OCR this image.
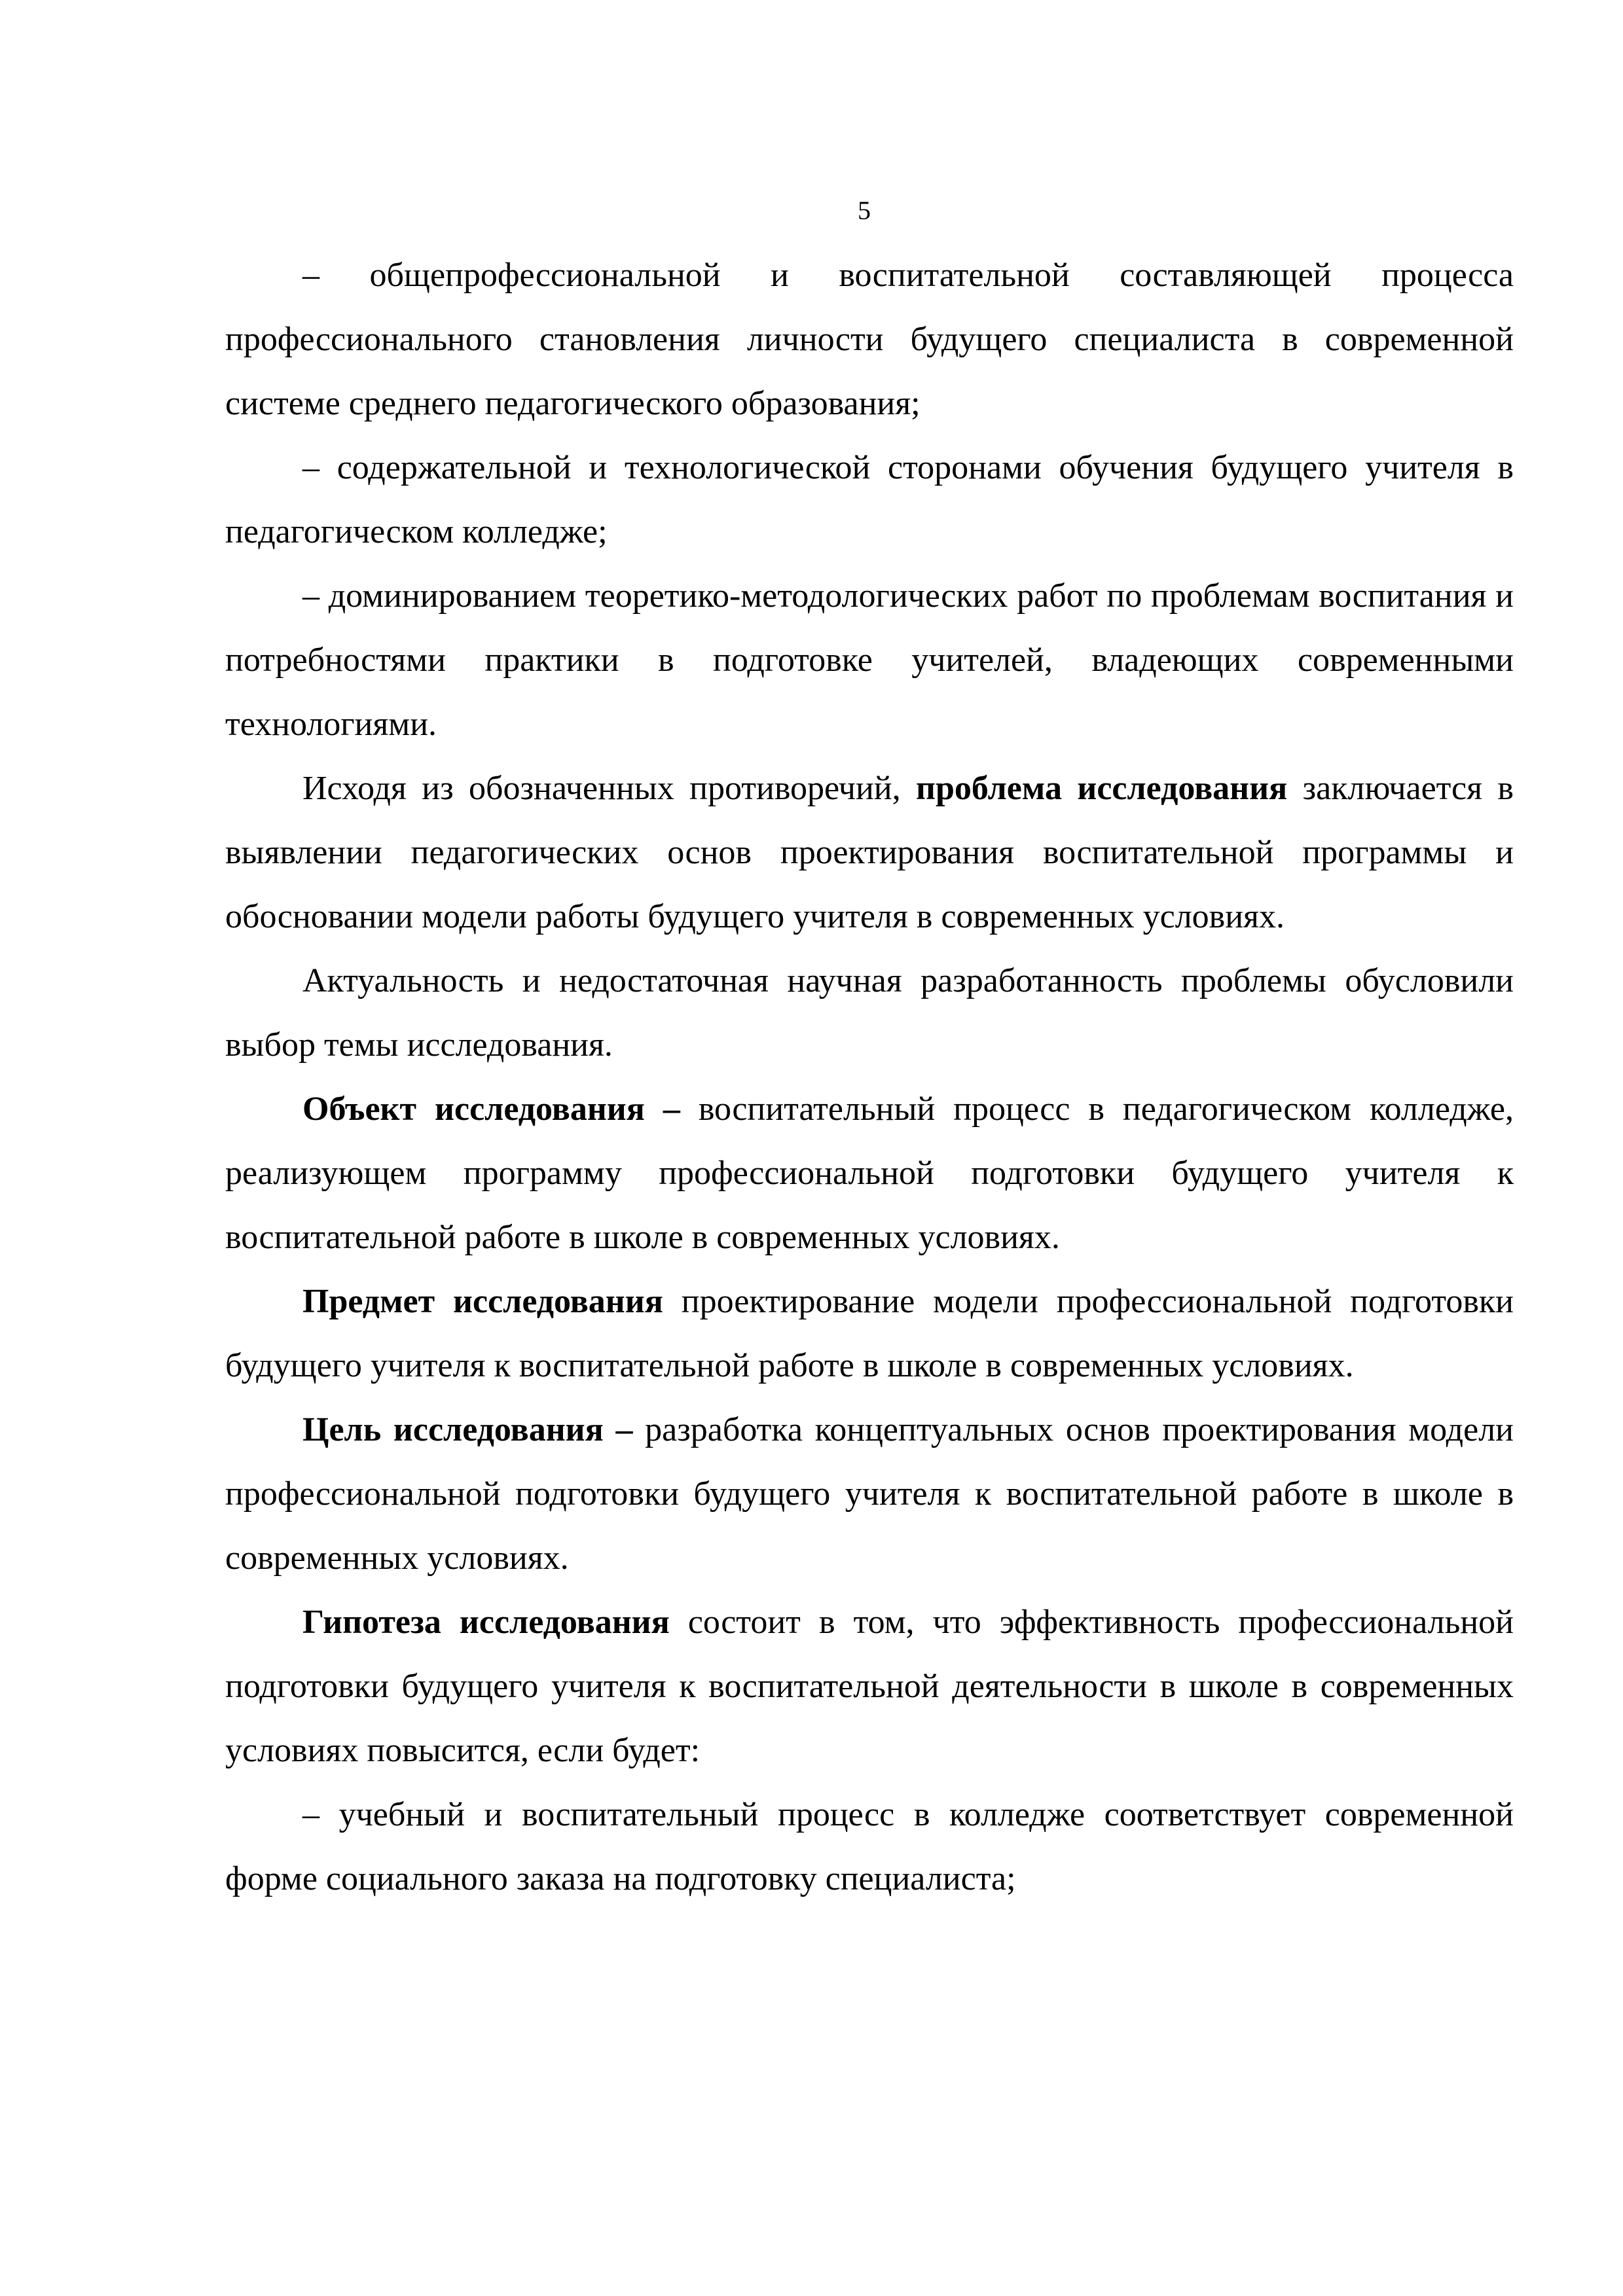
5

– общепрофессиональной и воспитательной составляющей процесса профессионального становления личности будущего специалиста в современной системе среднего педагогического образования;

– содержательной и технологической сторонами обучения будущего учителя в педагогическом колледже;

– доминированием теоретико-методологических работ по проблемам воспитания и потребностями практики в подготовке учителей, владеющих современными технологиями.

Исходя из обозначенных противоречий, проблема исследования заключается в выявлении педагогических основ проектирования воспитательной программы и обосновании модели работы будущего учителя в современных условиях.

Актуальность и недостаточная научная разработанность проблемы обусловили выбор темы исследования.

Объект исследования – воспитательный процесс в педагогическом колледже, реализующем программу профессиональной подготовки будущего учителя к воспитательной работе в школе в современных условиях.

Предмет исследования проектирование модели профессиональной подготовки будущего учителя к воспитательной работе в школе в современных условиях.

Цель исследования – разработка концептуальных основ проектирования модели профессиональной подготовки будущего учителя к воспитательной работе в школе в современных условиях.

Гипотеза исследования состоит в том, что эффективность профессиональной подготовки будущего учителя к воспитательной деятельности в школе в современных условиях повысится, если будет:

– учебный и воспитательный процесс в колледже соответствует современной форме социального заказа на подготовку специалиста;
